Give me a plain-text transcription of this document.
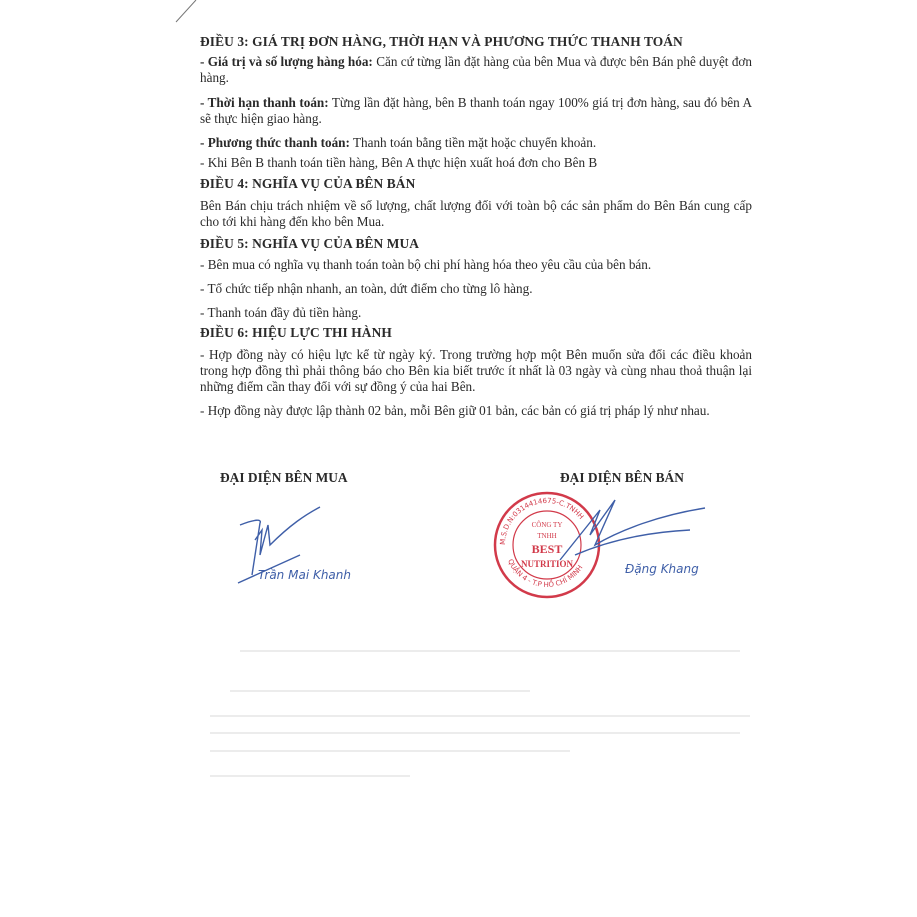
ĐIỀU 3: GIÁ TRỊ ĐƠN HÀNG, THỜI HẠN VÀ PHƯƠNG THỨC THANH TOÁN
- Giá trị và số lượng hàng hóa: Căn cứ từng lần đặt hàng của bên Mua và được bên Bán phê duyệt đơn hàng.
- Thời hạn thanh toán: Từng lần đặt hàng, bên B thanh toán ngay 100% giá trị đơn hàng, sau đó bên A sẽ thực hiện giao hàng.
- Phương thức thanh toán: Thanh toán bằng tiền mặt hoặc chuyển khoản.
- Khi Bên B thanh toán tiền hàng, Bên A thực hiện xuất hoá đơn cho Bên B
ĐIỀU 4: NGHĨA VỤ CỦA BÊN BÁN
Bên Bán chịu trách nhiệm về số lượng, chất lượng đối với toàn bộ các sản phẩm do Bên Bán cung cấp cho tới khi hàng đến kho bên Mua.
ĐIỀU 5: NGHĨA VỤ CỦA BÊN MUA
- Bên mua có nghĩa vụ thanh toán toàn bộ chi phí hàng hóa theo yêu cầu của bên bán.
- Tổ chức tiếp nhận nhanh, an toàn, dứt điểm cho từng lô hàng.
- Thanh toán đầy đủ tiền hàng.
ĐIỀU 6: HIỆU LỰC THI HÀNH
- Hợp đồng này có hiệu lực kể từ ngày ký. Trong trường hợp một Bên muốn sửa đổi các điều khoản trong hợp đồng thì phải thông báo cho Bên kia biết trước ít nhất là 03 ngày và cùng nhau thoả thuận lại những điểm cần thay đổi với sự đồng ý của hai Bên.
- Hợp đồng này được lập thành 02 bản, mỗi Bên giữ 01 bản, các bản có giá trị pháp lý như nhau.
ĐẠI DIỆN BÊN MUA	ĐẠI DIỆN BÊN BÁN
Trần Mai Khanh
M.S.D.N:0314414675-C.TNHH
QUẬN 4 - T.P HỒ CHÍ MINH
CÔNG TY
TNHH
BEST
NUTRITION	Đặng Khang
